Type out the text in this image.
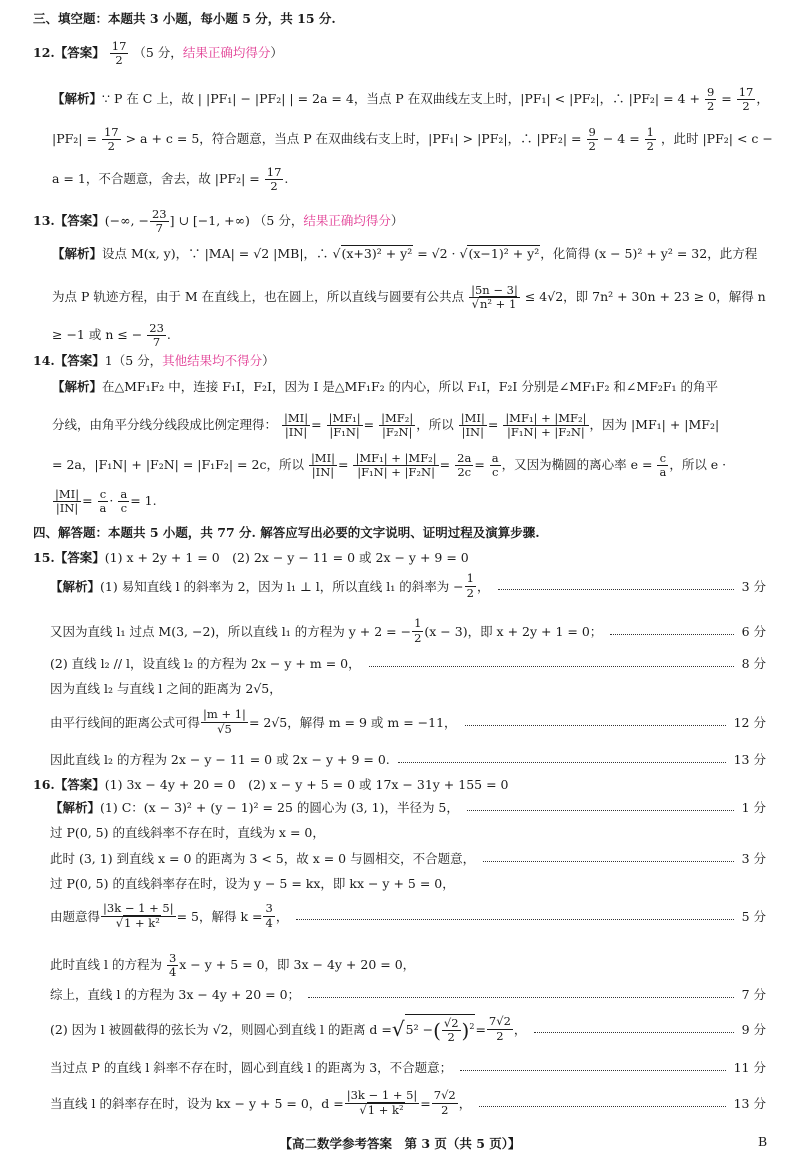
三、填空题：本题共 3 小题，每小题 5 分，共 15 分.
12.【答案】 $\frac{17}{2} (5$ 分，结果正确均得分）
【解析】∵ P 在 C 上，故 | |PF₁| − |PF₂| | = 2a = 4，当点 P 在双曲线左支上时，|PF₁| < |PF₂|，∴ $|PF_2| = 4 + \frac{9}{2} = \frac{17}{2}$ ，
$|PF_2| = \frac{17}{2} > a + c = 5$，符合题意，当点 P 在双曲线右支上时，|PF₁| > |PF₂|，∴ $|PF_2| = \frac{9}{2} - 4 = \frac{1}{2}$ ，此时 |PF₂| < c −
a = 1，不合题意，舍去，故 $|PF_2| = \frac{17}{2}$ .
13.【答案】(−∞, − $\frac{23}{7}$ ] ∪ [−1, +∞) （5 分，结果正确均得分）
【解析】设点 M(x, y)，∵ |MA| = √2 |MB|，∴ √(x+3)² + y² = √2 · √(x−1)² + y²，化简得 (x − 5)² + y² = 32，此方程
为点 P 轨迹方程，由于 M 在直线上，也在圆上，所以直线与圆要有公共点 $\frac{|5n - 3|}{\text{√n² + 1}} \le 4√2$，即 7n² + 30n + 23 ≥ 0，解得 n
≥ −1 或 n ≤ − $\frac{23}{7}$ .
14.【答案】1（5 分，其他结果均不得分）
【解析】在△MF₁F₂ 中，连接 F₁I，F₂I，因为 I 是△MF₁F₂ 的内心，所以 F₁I，F₂I 分别是∠MF₁F₂ 和∠MF₂F₁ 的角平
分线，由角平分线分线段成比例定理得： $\frac{|MI|}{|IN|} = \frac{\text{|MF₁|}}{\text{|F₁N|}} = \frac{\text{|MF₂|}}{\text{|F₂N|}}$ ，所以 $\frac{|MI|}{|IN|} = \frac{\text{|MF₁| + |MF₂|}}{\text{|F₁N| + |F₂N|}}$ ，因为 |MF₁| + |MF₂|
= 2a，|F₁N| + |F₂N| = |F₁F₂| = 2c，所以 $\frac{|MI|}{|IN|} = \frac{\text{|MF₁| + |MF₂|}}{\text{|F₁N| + |F₂N|}} = \frac{2a}{2c} = \frac{a}{c}$ ，又因为椭圆的离心率 $e = \frac{c}{a}$ ，所以 e ·
$\frac{|MI|}{|IN|} = \frac{c}{a} \cdot \frac{a}{c} = 1$.
四、解答题：本题共 5 小题，共 77 分. 解答应写出必要的文字说明、证明过程及演算步骤.
15.【答案】(1) x + 2y + 1 = 0　(2) 2x − y − 11 = 0 或 2x − y + 9 = 0
【解析】 (1) 易知直线 l 的斜率为 2，因为 l₁ ⊥ l，所以直线 l₁ 的斜率为 − $\frac{1}{2}$ ，	3 分
又因为直线 l₁ 过点 M(3, −2)，所以直线 l₁ 的方程为 y + 2 = − $\frac{1}{2} (x - 3)$，即 x + 2y + 1 = 0；	6 分
(2) 直线 l₂ // l，设直线 l₂ 的方程为 2x − y + m = 0，	8 分
因为直线 l₂ 与直线 l 之间的距离为 2√5，
由平行线间的距离公式可得 $\frac{|m + 1|}{√5} = 2√5$，解得 m = 9 或 m = −11，	12 分
因此直线 l₂ 的方程为 2x − y − 11 = 0 或 2x − y + 9 = 0.	13 分
16.【答案】(1) 3x − 4y + 20 = 0　(2) x − y + 5 = 0 或 17x − 31y + 155 = 0
【解析】 (1) C：(x − 3)² + (y − 1)² = 25 的圆心为 (3, 1)，半径为 5，	1 分
过 P(0, 5) 的直线斜率不存在时，直线为 x = 0，
此时 (3, 1) 到直线 x = 0 的距离为 3 < 5，故 x = 0 与圆相交，不合题意，	3 分
过 P(0, 5) 的直线斜率存在时，设为 y − 5 = kx，即 kx − y + 5 = 0，
由题意得 $\frac{|3k - 1 + 5|}{\text{√1 + k²}} = 5$，解得 $k = \frac{3}{4}$ ，	5 分
此时直线 l 的方程为 $\frac{3}{4}$ x − y + 5 = 0，即 3x − 4y + 20 = 0，
综上，直线 l 的方程为 3x − 4y + 20 = 0；	7 分
(2) 因为 l 被圆截得的弦长为 √2，则圆心到直线 l 的距离 d = √ 5² −( $\frac{√2}{2} )^2 = \frac{7√2}{2}$ ，	9 分
当过点 P 的直线 l 斜率不存在时，圆心到直线 l 的距离为 3，不合题意；	11 分
当直线 l 的斜率存在时，设为 kx − y + 5 = 0，$d = \frac{|3k - 1 + 5|}{\text{√1 + k²}} = \frac{7√2}{2}$ ，	13 分
【高二数学参考答案　第 3 页（共 5 页）】	B
